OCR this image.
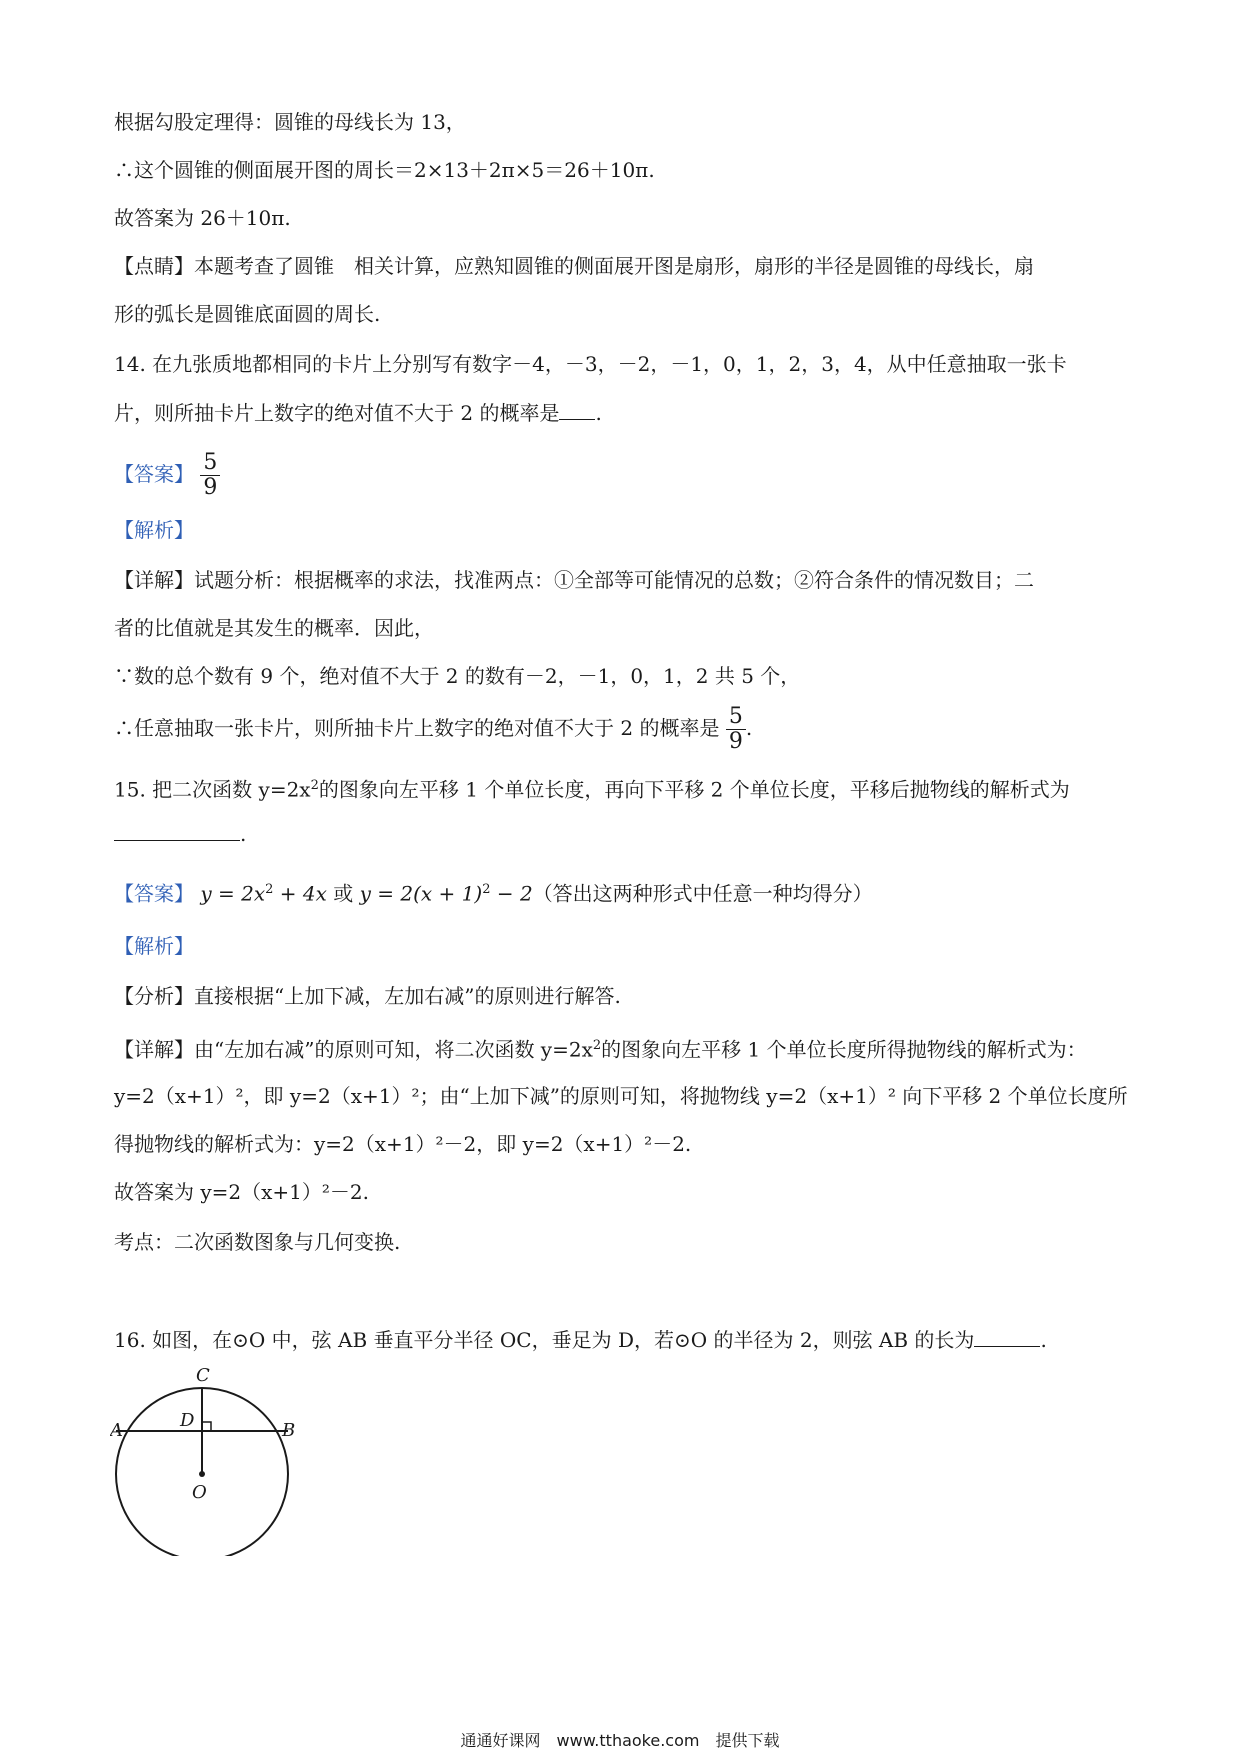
根据勾股定理得：圆锥的母线长为 13，
∴这个圆锥的侧面展开图的周长＝2×13＋2π×5＝26＋10π.
故答案为 26＋10π.
【点睛】本题考查了圆锥　相关计算，应熟知圆锥的侧面展开图是扇形，扇形的半径是圆锥的母线长，扇
形的弧长是圆锥底面圆的周长.
14. 在九张质地都相同的卡片上分别写有数字－4，－3，－2，－1，0，1，2，3，4，从中任意抽取一张卡
片，则所抽卡片上数字的绝对值不大于 2 的概率是 .
【答案】 $\frac{5}{9}$
【解析】
【详解】试题分析：根据概率的求法，找准两点：①全部等可能情况的总数；②符合条件的情况数目；二
者的比值就是其发生的概率．因此，
∵数的总个数有 9 个，绝对值不大于 2 的数有－2，－1，0，1，2 共 5 个，
∴任意抽取一张卡片，则所抽卡片上数字的绝对值不大于 2 的概率是 $\frac{5}{9}$ .
15. 把二次函数 $y=2x^2$的图象向左平移 1 个单位长度，再向下平移 2 个单位长度，平移后抛物线的解析式为
.
【答案】 $y = 2x^2 + 4x$ 或 $y = 2(x + 1)^2 - 2$（答出这两种形式中任意一种均得分）
【解析】
【分析】直接根据“上加下减，左加右减”的原则进行解答.
【详解】由“左加右减”的原则可知，将二次函数 $y=2x^2$的图象向左平移 1 个单位长度所得抛物线的解析式为：
y=2（x+1）²，即 y=2（x+1）²；由“上加下减”的原则可知，将抛物线 y=2（x+1）² 向下平移 2 个单位长度所
得抛物线的解析式为：y=2（x+1）²－2，即 y=2（x+1）²－2.
故答案为 y=2（x+1）²－2.
考点：二次函数图象与几何变换.
16. 如图，在⊙O 中，弦 AB 垂直平分半径 OC，垂足为 D，若⊙O 的半径为 2，则弦 AB 的长为	.
C
A	D	B
O
通通好课网　www.tthaoke.com　提供下载
